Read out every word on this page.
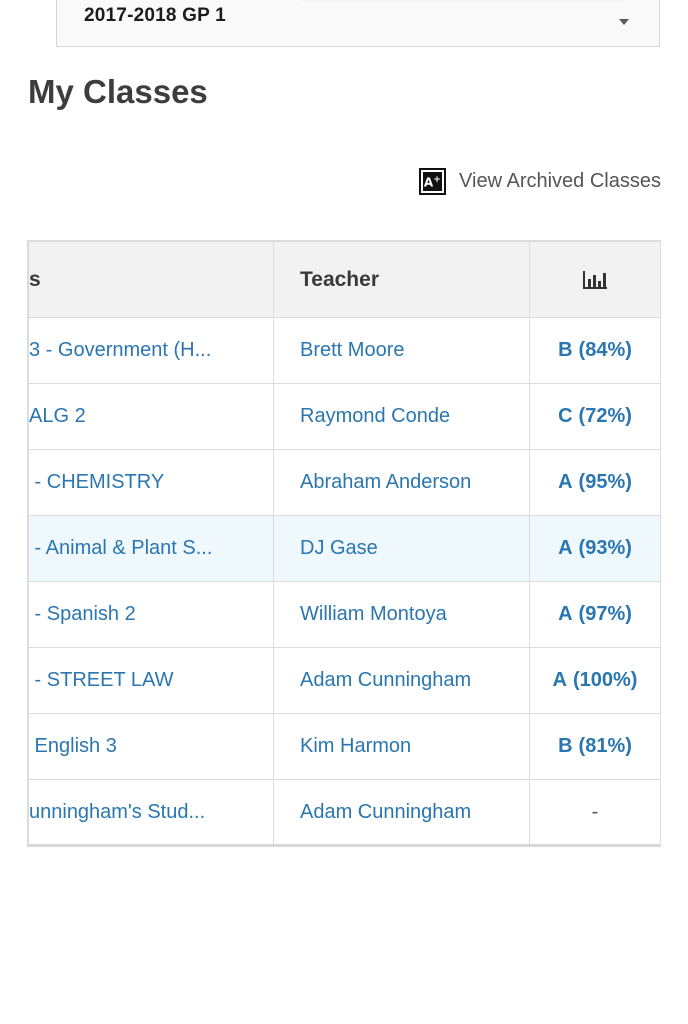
2017-2018 GP 1
My Classes
A + View Archived Classes
s	Teacher	
3 - Government (H...	Brett Moore	B (84%)
ALG 2	Raymond Conde	C (72%)
- CHEMISTRY	Abraham Anderson	A (95%)
- Animal & Plant S...	DJ Gase	A (93%)
- Spanish 2	William Montoya	A (97%)
- STREET LAW	Adam Cunningham	A (100%)
English 3	Kim Harmon	B (81%)
unningham's Stud...	Adam Cunningham	-
